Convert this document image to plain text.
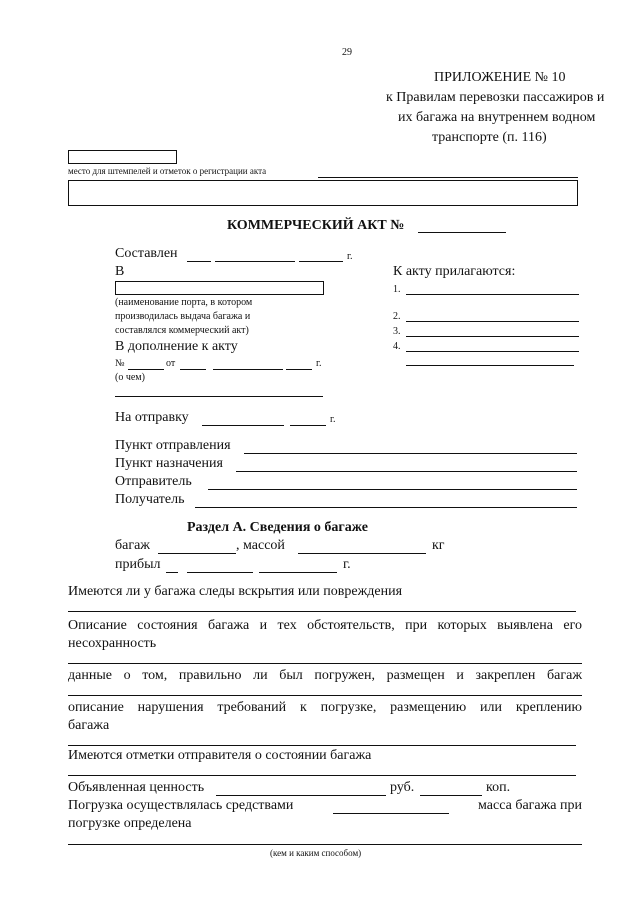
29
ПРИЛОЖЕНИЕ № 10
к Правилам перевозки пассажиров и
их багажа на внутреннем водном
транспорте (п. 116)
место для штемпелей и отметок о регистрации акта
КОММЕРЧЕСКИЙ АКТ №
Составлен	г.
В
(наименование порта, в котором
производилась выдача багажа и
составлялся коммерческий акт)
В дополнение к акту
№	от	г.
(о чем)
К акту прилагаются:
1.
2.
3.
4.
На отправку	г.
Пункт отправления
Пункт назначения
Отправитель
Получатель
Раздел А. Сведения о багаже
багаж	, массой	кг
прибыл	г.
Имеются ли у багажа следы вскрытия или повреждения
Описание состояния багажа и тех обстоятельств, при которых выявлена его
несохранность
данные о том, правильно ли был погружен, размещен и закреплен багаж
описание нарушения требований к погрузке, размещению или креплению
багажа
Имеются отметки отправителя о состоянии багажа
Объявленная ценность	руб.	коп.
Погрузка осуществлялась средствами	масса багажа при
погрузке определена
(кем и каким способом)
